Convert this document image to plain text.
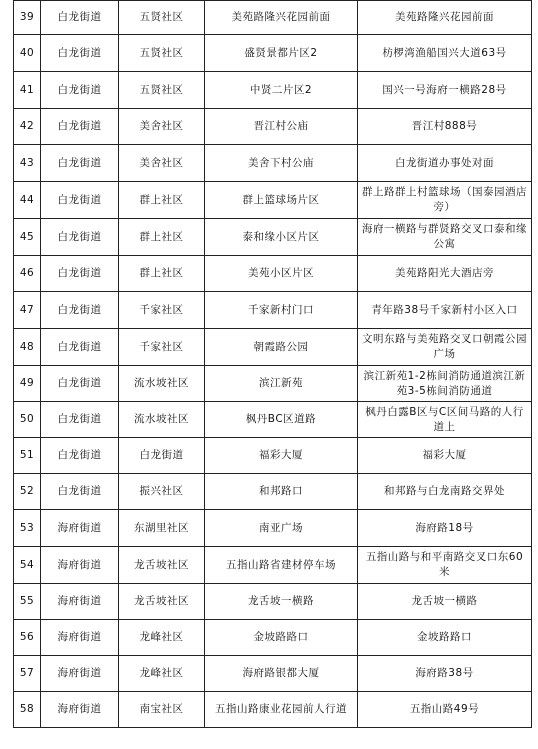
39	白龙街道	五贤社区	美苑路隆兴花园前面	美苑路隆兴花园前面

40	白龙街道	五贤社区	盛贤景都片区2	枋椤湾渔船国兴大道63号

41	白龙街道	五贤社区	中贤二片区2	国兴一号海府一横路28号

42	白龙街道	美舍社区	晋江村公庙	晋江村888号

43	白龙街道	美舍社区	美舍下村公庙	白龙街道办事处对面

44	白龙街道	群上社区	群上篮球场片区	群上路群上村篮球场（国泰园酒店旁）

45	白龙街道	群上社区	泰和缘小区片区	海府一横路与群贤路交叉口泰和缘公寓

46	白龙街道	群上社区	美苑小区片区	美苑路阳光大酒店旁

47	白龙街道	千家社区	千家新村门口	青年路38号千家新村小区入口

48	白龙街道	千家社区	朝霞路公园	文明东路与美苑路交叉口朝霞公园广场

49	白龙街道	流水坡社区	滨江新苑	滨江新苑1-2栋间消防通道滨江新苑3-5栋间消防通道

50	白龙街道	流水坡社区	枫丹BC区道路	枫丹白露B区与C区间马路的人行道上

51	白龙街道	白龙街道	福彩大厦	福彩大厦

52	白龙街道	振兴社区	和邦路口	和邦路与白龙南路交界处

53	海府街道	东湖里社区	南亚广场	海府路18号

54	海府街道	龙舌坡社区	五指山路省建材停车场	五指山路与和平南路交叉口东60米

55	海府街道	龙舌坡社区	龙舌坡一横路	龙舌坡一横路

56	海府街道	龙峰社区	金坡路路口	金坡路路口

57	海府街道	龙峰社区	海府路银都大厦	海府路38号

58	海府街道	南宝社区	五指山路康业花园前人行道	五指山路49号
